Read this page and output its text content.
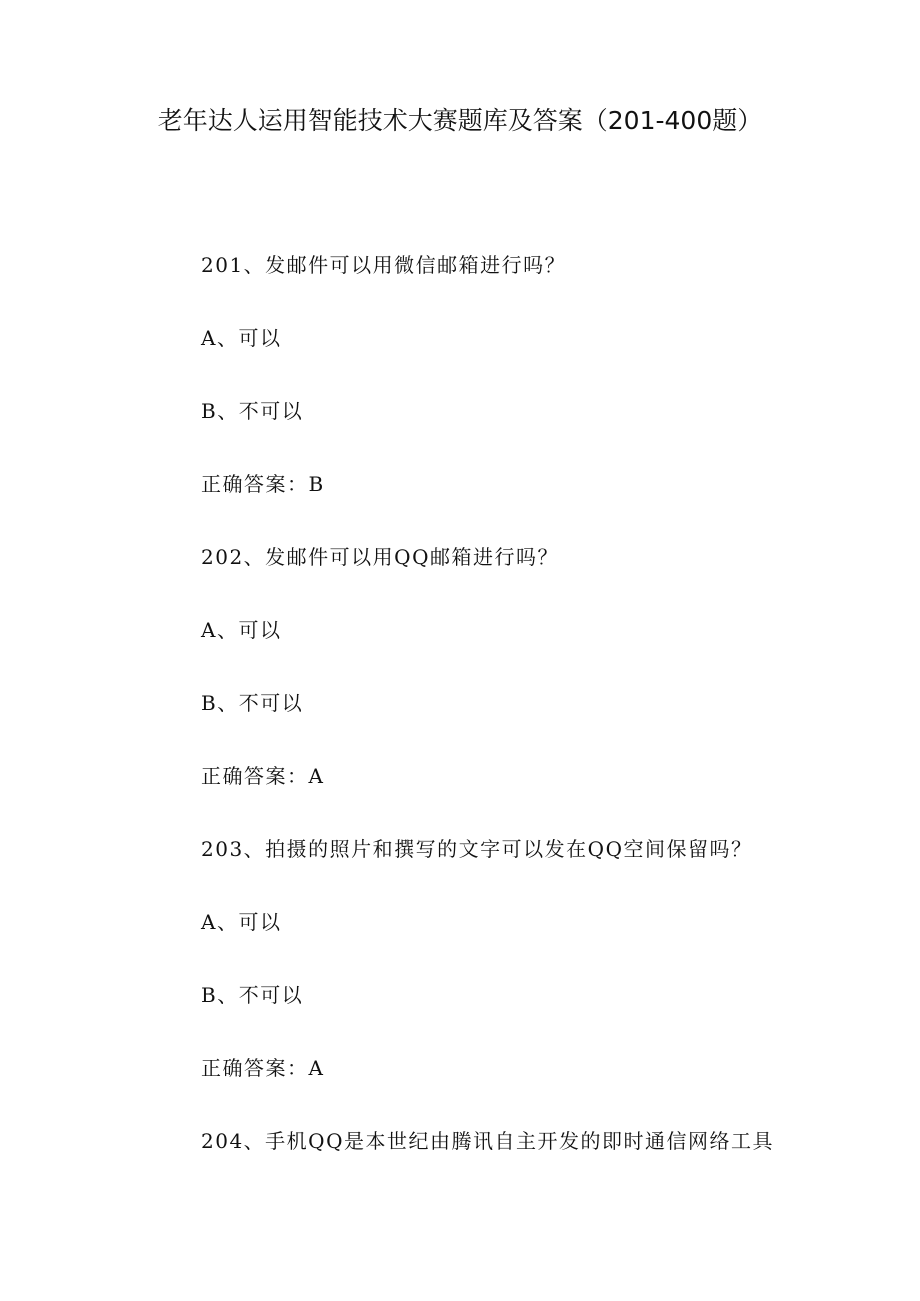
老年达人运用智能技术大赛题库及答案（201-400题）
201、发邮件可以用微信邮箱进行吗？
A、可以
B、不可以
正确答案：B
202、发邮件可以用QQ邮箱进行吗？
A、可以
B、不可以
正确答案：A
203、拍摄的照片和撰写的文字可以发在QQ空间保留吗？
A、可以
B、不可以
正确答案：A
204、手机QQ是本世纪由腾讯自主开发的即时通信网络工具
